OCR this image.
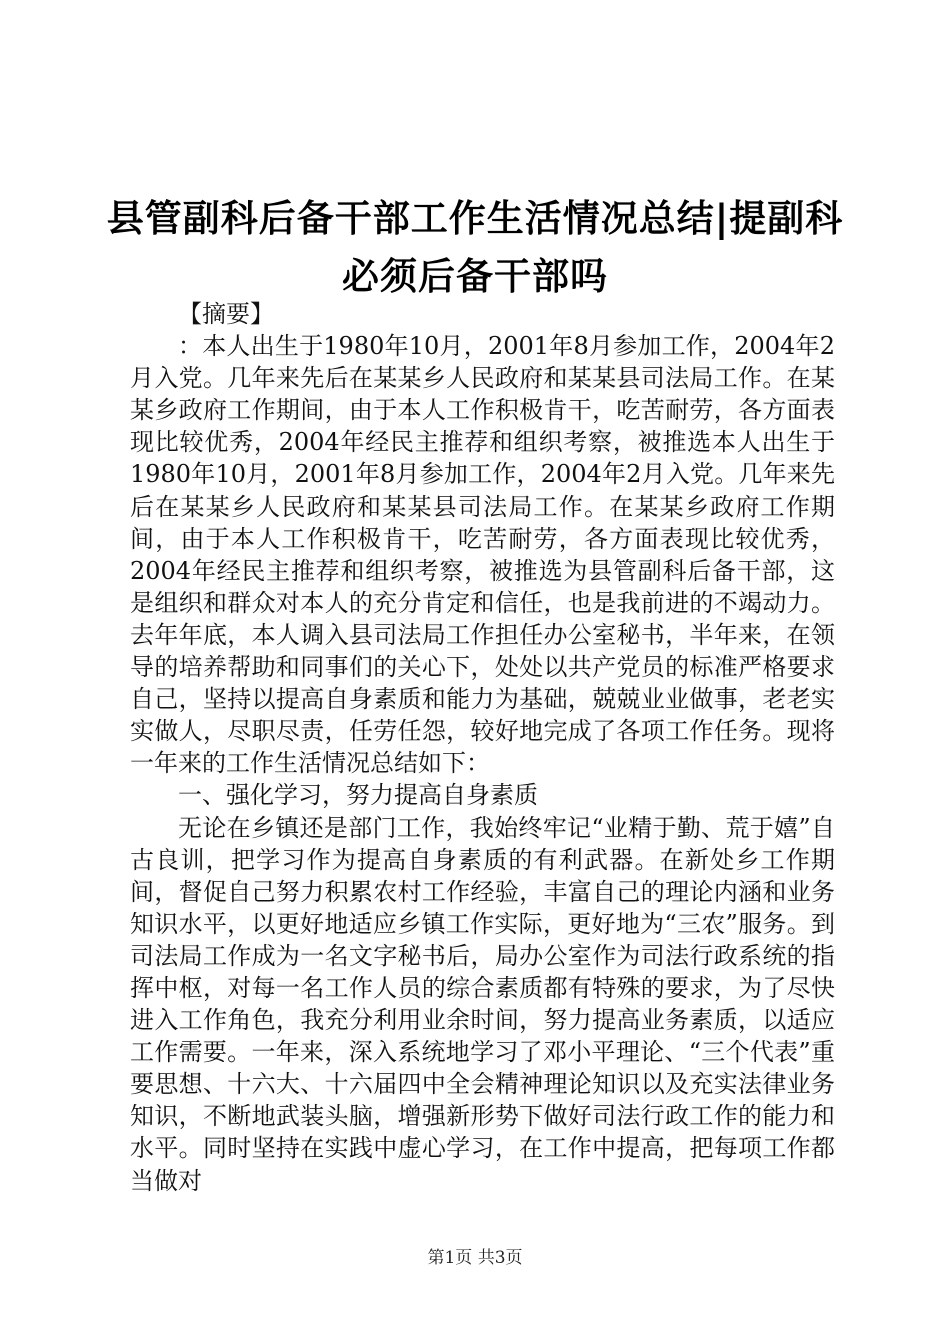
县管副科后备干部工作生活情况总结|提副科
必须后备干部吗

【摘要】

：本人出生于1980年10月，2001年8月参加工作，2004年2月入党。几年来先后在某某乡人民政府和某某县司法局工作。在某某乡政府工作期间，由于本人工作积极肯干，吃苦耐劳，各方面表现比较优秀，2004年经民主推荐和组织考察，被推选本人出生于1980年10月，2001年8月参加工作，2004年2月入党。几年来先后在某某乡人民政府和某某县司法局工作。在某某乡政府工作期间，由于本人工作积极肯干，吃苦耐劳，各方面表现比较优秀，2004年经民主推荐和组织考察，被推选为县管副科后备干部，这是组织和群众对本人的充分肯定和信任，也是我前进的不竭动力。去年年底，本人调入县司法局工作担任办公室秘书，半年来，在领导的培养帮助和同事们的关心下，处处以共产党员的标准严格要求自己，坚持以提高自身素质和能力为基础，兢兢业业做事，老老实实做人，尽职尽责，任劳任怨，较好地完成了各项工作任务。现将一年来的工作生活情况总结如下：

一、强化学习，努力提高自身素质

无论在乡镇还是部门工作，我始终牢记“业精于勤、荒于嬉”自古良训，把学习作为提高自身素质的有利武器。在新处乡工作期间，督促自己努力积累农村工作经验，丰富自己的理论内涵和业务知识水平，以更好地适应乡镇工作实际，更好地为“三农”服务。到司法局工作成为一名文字秘书后，局办公室作为司法行政系统的指挥中枢，对每一名工作人员的综合素质都有特殊的要求，为了尽快进入工作角色，我充分利用业余时间，努力提高业务素质，以适应工作需要。一年来，深入系统地学习了邓小平理论、“三个代表”重要思想、十六大、十六届四中全会精神理论知识以及充实法律业务知识，不断地武装头脑，增强新形势下做好司法行政工作的能力和水平。同时坚持在实践中虚心学习，在工作中提高，把每项工作都当做对

第1页 共3页
